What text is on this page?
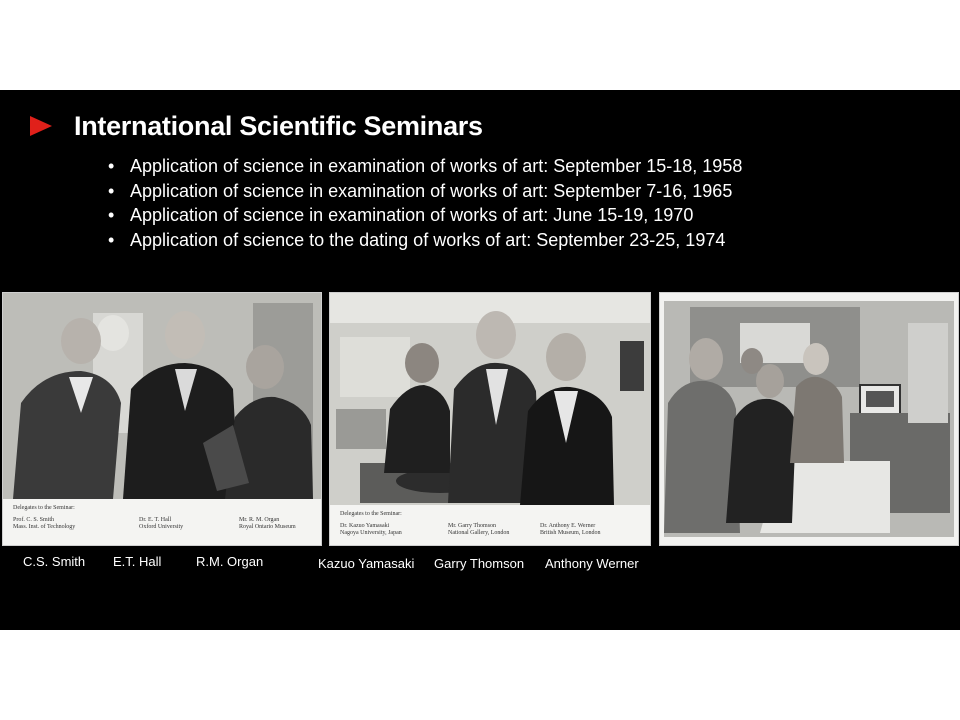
International Scientific Seminars
• Application of science in examination of works of art: September 15-18, 1958
• Application of science in examination of works of art: September 7-16, 1965
• Application of science in examination of works of art: June 15-19, 1970
• Application of science to the dating of works of art: September 23-25, 1974
Delegates to the Seminar:
Prof. C. S. Smith
Mass. Inst. of Technology
Dr. E. T. Hall
Oxford University
Mr. R. M. Organ
Royal Ontario Museum
Delegates to the Seminar:
Dr. Kazuo Yamasaki
Nagoya University, Japan
Mr. Garry Thomson
National Gallery, London
Dr. Anthony E. Werner
British Museum, London
C.S. Smith E.T. Hall	R.M. Organ	Kazuo Yamasaki Garry Thomson Anthony Werner
